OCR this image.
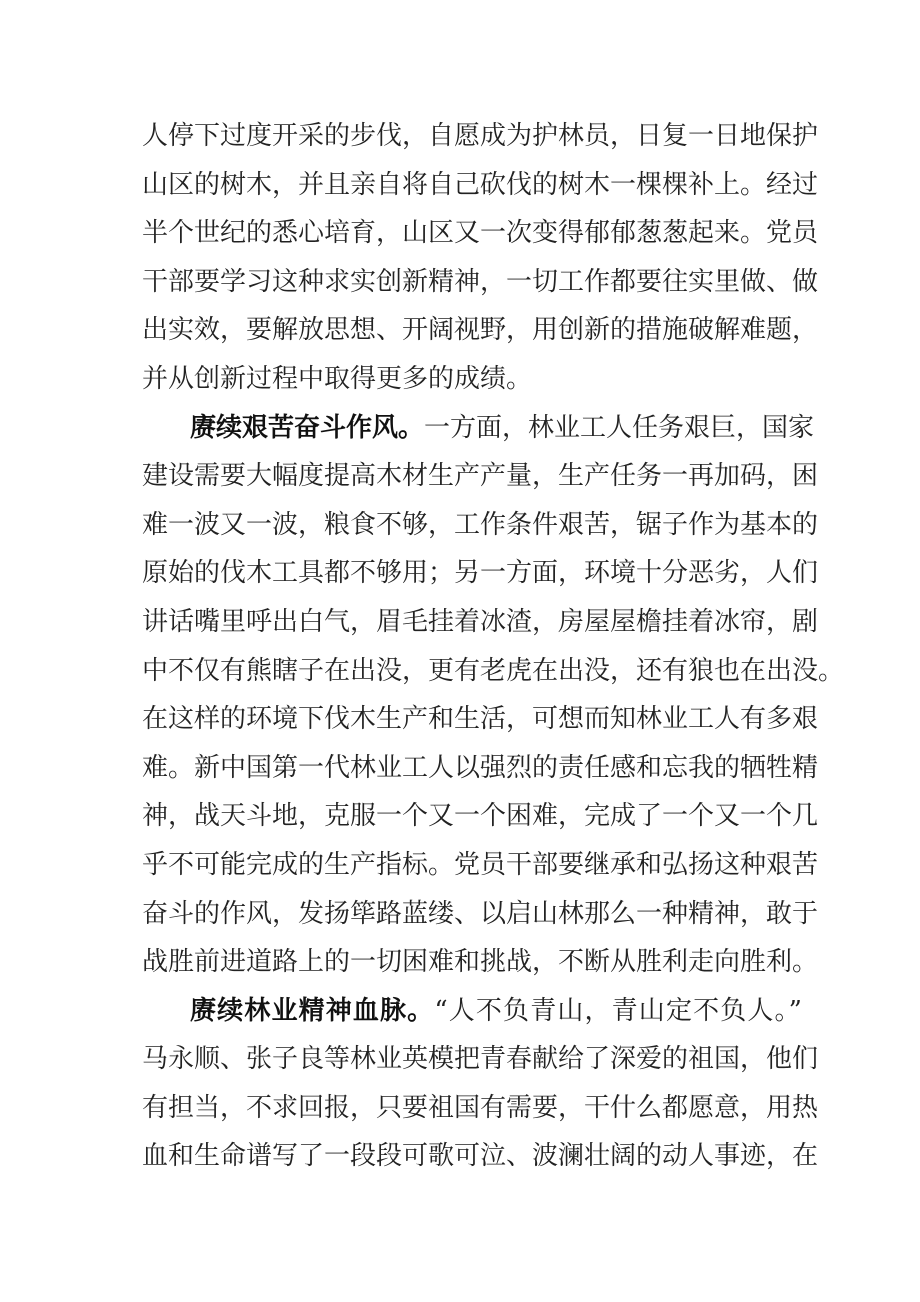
人停下过度开采的步伐，自愿成为护林员，日复一日地保护
山区的树木，并且亲自将自己砍伐的树木一棵棵补上。经过
半个世纪的悉心培育，山区又一次变得郁郁葱葱起来。党员
干部要学习这种求实创新精神，一切工作都要往实里做、做
出实效，要解放思想、开阔视野，用创新的措施破解难题，
并从创新过程中取得更多的成绩。
赓续艰苦奋斗作风。一方面，林业工人任务艰巨，国家
建设需要大幅度提高木材生产产量，生产任务一再加码，困
难一波又一波，粮食不够，工作条件艰苦，锯子作为基本的
原始的伐木工具都不够用；另一方面，环境十分恶劣，人们
讲话嘴里呼出白气，眉毛挂着冰渣，房屋屋檐挂着冰帘，剧
中不仅有熊瞎子在出没，更有老虎在出没，还有狼也在出没。
在这样的环境下伐木生产和生活，可想而知林业工人有多艰
难。新中国第一代林业工人以强烈的责任感和忘我的牺牲精
神，战天斗地，克服一个又一个困难，完成了一个又一个几
乎不可能完成的生产指标。党员干部要继承和弘扬这种艰苦
奋斗的作风，发扬筚路蓝缕、以启山林那么一种精神，敢于
战胜前进道路上的一切困难和挑战，不断从胜利走向胜利。
赓续林业精神血脉。“人不负青山，青山定不负人。”
马永顺、张子良等林业英模把青春献给了深爱的祖国，他们
有担当，不求回报，只要祖国有需要，干什么都愿意，用热
血和生命谱写了一段段可歌可泣、波澜壮阔的动人事迹，在
